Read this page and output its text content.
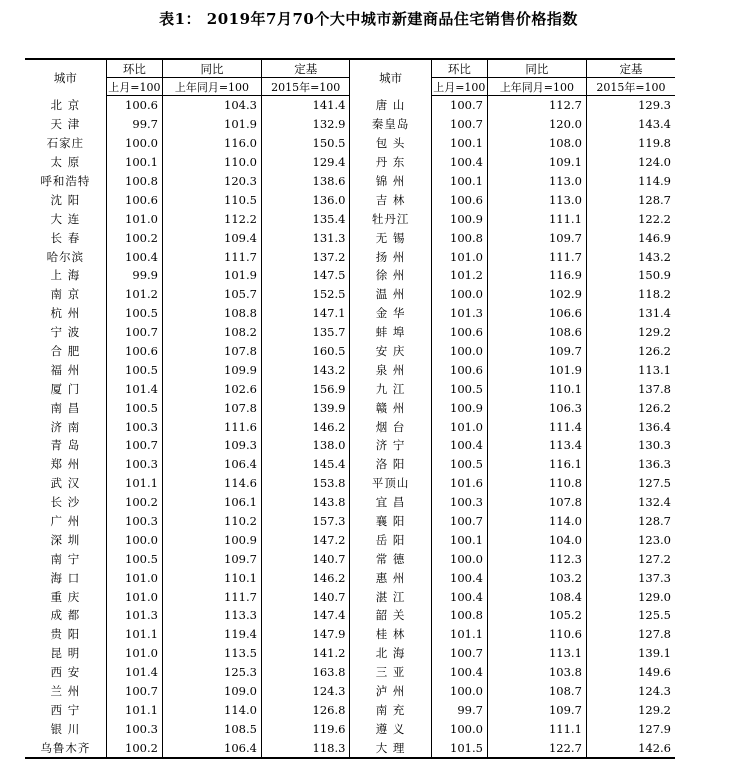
表1： 2019年7月70个大中城市新建商品住宅销售价格指数
城市	环比	同比	定基	城市	环比	同比	定基
	上月=100	上年同月=100	2015年=100		上月=100	上年同月=100	2015年=100
北 京	100.6	104.3	141.4	唐 山	100.7	112.7	129.3
天 津	99.7	101.9	132.9	秦皇岛	100.7	120.0	143.4
石家庄	100.0	116.0	150.5	包 头	100.1	108.0	119.8
太 原	100.1	110.0	129.4	丹 东	100.4	109.1	124.0
呼和浩特	100.8	120.3	138.6	锦 州	100.1	113.0	114.9
沈 阳	100.6	110.5	136.0	吉 林	100.6	113.0	128.7
大 连	101.0	112.2	135.4	牡丹江	100.9	111.1	122.2
长 春	100.2	109.4	131.3	无 锡	100.8	109.7	146.9
哈尔滨	100.4	111.7	137.2	扬 州	101.0	111.7	143.2
上 海	99.9	101.9	147.5	徐 州	101.2	116.9	150.9
南 京	101.2	105.7	152.5	温 州	100.0	102.9	118.2
杭 州	100.5	108.8	147.1	金 华	101.3	106.6	131.4
宁 波	100.7	108.2	135.7	蚌 埠	100.6	108.6	129.2
合 肥	100.6	107.8	160.5	安 庆	100.0	109.7	126.2
福 州	100.5	109.9	143.2	泉 州	100.6	101.9	113.1
厦 门	101.4	102.6	156.9	九 江	100.5	110.1	137.8
南 昌	100.5	107.8	139.9	赣 州	100.9	106.3	126.2
济 南	100.3	111.6	146.2	烟 台	101.0	111.4	136.4
青 岛	100.7	109.3	138.0	济 宁	100.4	113.4	130.3
郑 州	100.3	106.4	145.4	洛 阳	100.5	116.1	136.3
武 汉	101.1	114.6	153.8	平顶山	101.6	110.8	127.5
长 沙	100.2	106.1	143.8	宜 昌	100.3	107.8	132.4
广 州	100.3	110.2	157.3	襄 阳	100.7	114.0	128.7
深 圳	100.0	100.9	147.2	岳 阳	100.1	104.0	123.0
南 宁	100.5	109.7	140.7	常 德	100.0	112.3	127.2
海 口	101.0	110.1	146.2	惠 州	100.4	103.2	137.3
重 庆	101.0	111.7	140.7	湛 江	100.4	108.4	129.0
成 都	101.3	113.3	147.4	韶 关	100.8	105.2	125.5
贵 阳	101.1	119.4	147.9	桂 林	101.1	110.6	127.8
昆 明	101.0	113.5	141.2	北 海	100.7	113.1	139.1
西 安	101.4	125.3	163.8	三 亚	100.4	103.8	149.6
兰 州	100.7	109.0	124.3	泸 州	100.0	108.7	124.3
西 宁	101.1	114.0	126.8	南 充	99.7	109.7	129.2
银 川	100.3	108.5	119.6	遵 义	100.0	111.1	127.9
乌鲁木齐	100.2	106.4	118.3	大 理	101.5	122.7	142.6
